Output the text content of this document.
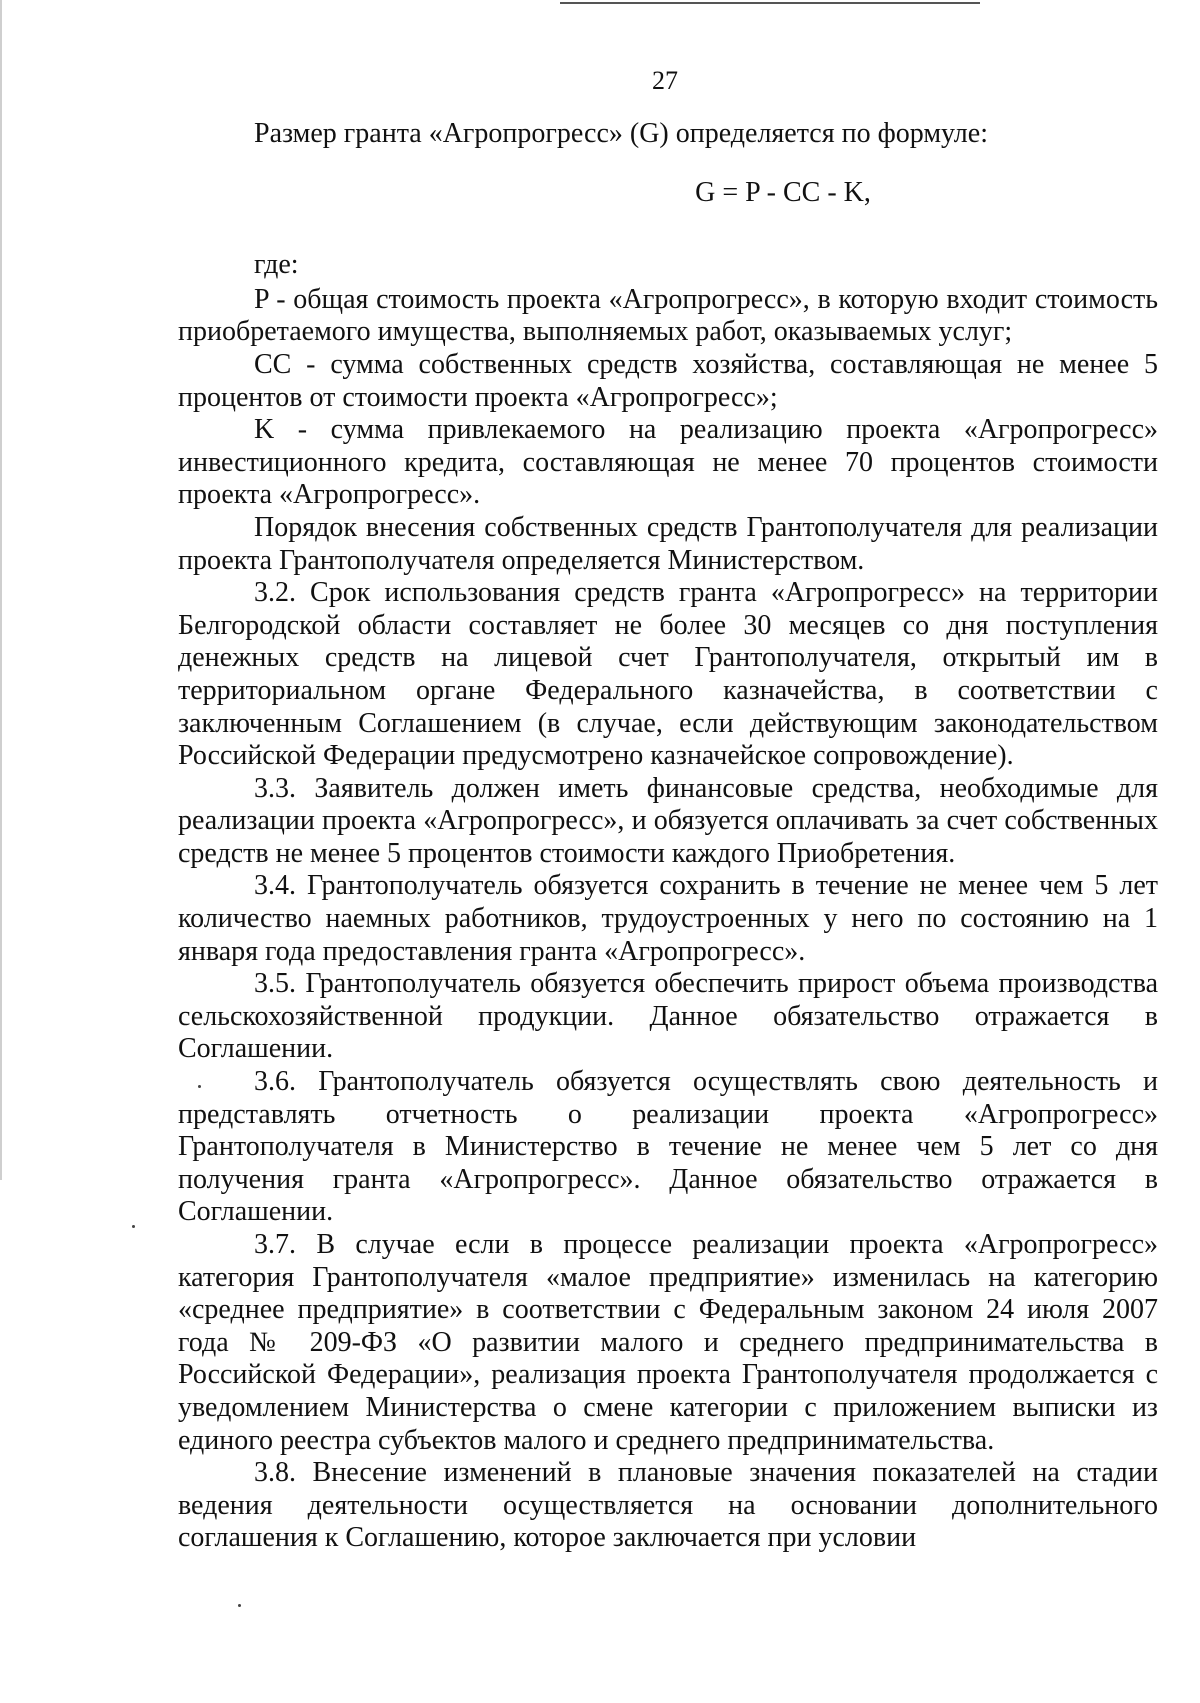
27

Размер гранта «Агропрогресс» (G) определяется по формуле:

G = P - CC - K,

где:

P - общая стоимость проекта «Агропрогресс», в которую входит стоимость приобретаемого имущества, выполняемых работ, оказываемых услуг;

CC - сумма собственных средств хозяйства, составляющая не менее 5 процентов от стоимости проекта «Агропрогресс»;

K - сумма привлекаемого на реализацию проекта «Агропрогресс» инвестиционного кредита, составляющая не менее 70 процентов стоимости проекта «Агропрогресс».

Порядок внесения собственных средств Грантополучателя для реализации проекта Грантополучателя определяется Министерством.

3.2. Срок использования средств гранта «Агропрогресс» на территории Белгородской области составляет не более 30 месяцев со дня поступления денежных средств на лицевой счет Грантополучателя, открытый им в территориальном органе Федерального казначейства, в соответствии с заключенным Соглашением (в случае, если действующим законодательством Российской Федерации предусмотрено казначейское сопровождение).

3.3. Заявитель должен иметь финансовые средства, необходимые для реализации проекта «Агропрогресс», и обязуется оплачивать за счет собственных средств не менее 5 процентов стоимости каждого Приобретения.

3.4. Грантополучатель обязуется сохранить в течение не менее чем 5 лет количество наемных работников, трудоустроенных у него по состоянию на 1 января года предоставления гранта «Агропрогресс».

3.5. Грантополучатель обязуется обеспечить прирост объема производства сельскохозяйственной продукции. Данное обязательство отражается в Соглашении.

3.6. Грантополучатель обязуется осуществлять свою деятельность и представлять отчетность о реализации проекта «Агропрогресс» Грантополучателя в Министерство в течение не менее чем 5 лет со дня получения гранта «Агропрогресс». Данное обязательство отражается в Соглашении.

3.7. В случае если в процессе реализации проекта «Агропрогресс» категория Грантополучателя «малое предприятие» изменилась на категорию «среднее предприятие» в соответствии с Федеральным законом 24 июля 2007 года № 209-ФЗ «О развитии малого и среднего предпринимательства в Российской Федерации», реализация проекта Грантополучателя продолжается с уведомлением Министерства о смене категории с приложением выписки из единого реестра субъектов малого и среднего предпринимательства.

3.8. Внесение изменений в плановые значения показателей на стадии ведения деятельности осуществляется на основании дополнительного соглашения к Соглашению, которое заключается при условии
